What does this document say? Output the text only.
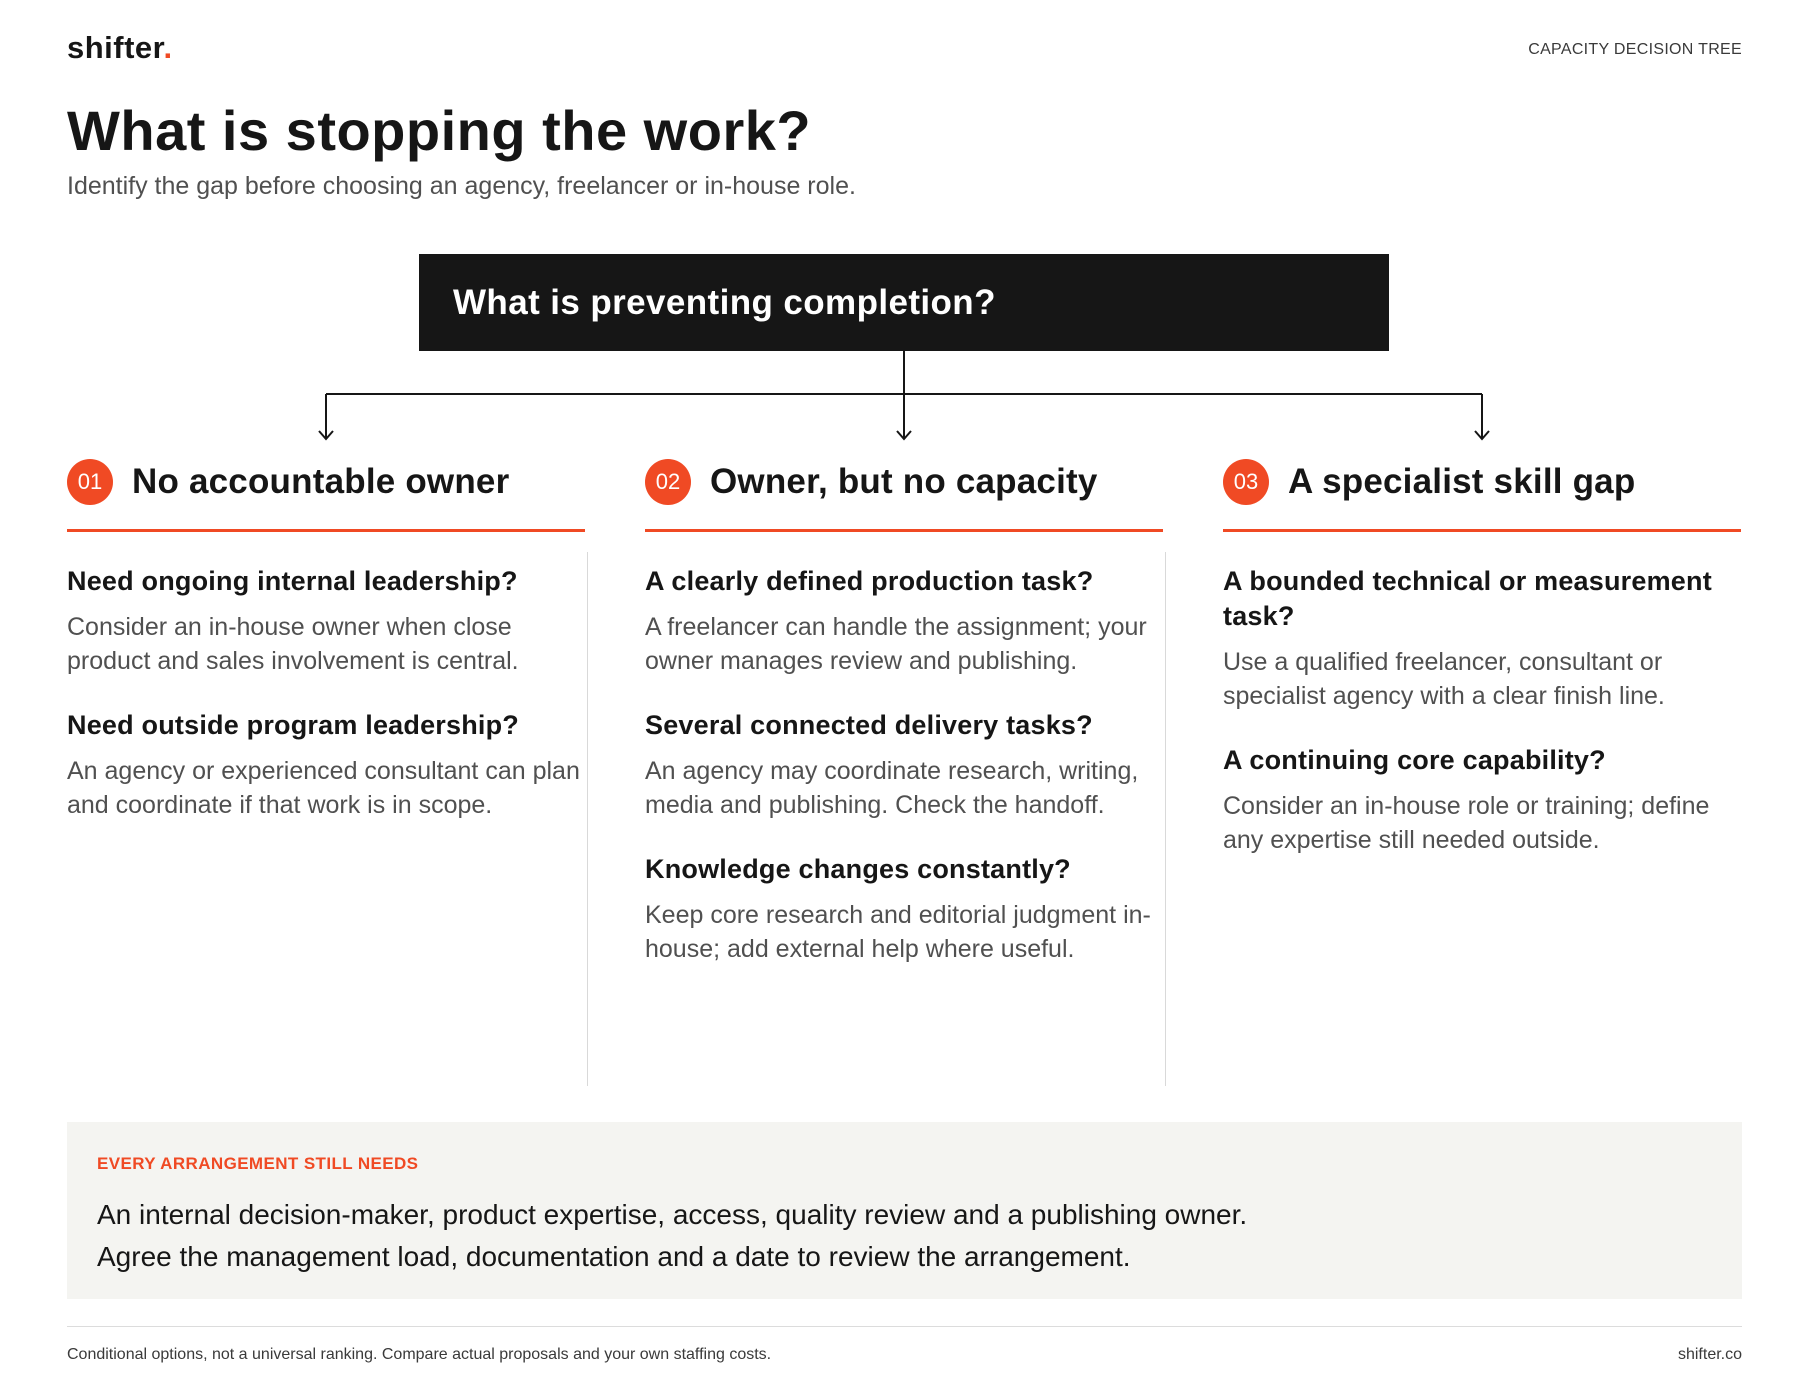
shifter.	CAPACITY DECISION TREE
What is stopping the work?
Identify the gap before choosing an agency, freelancer or in-house role.
What is preventing completion?
01 No accountable owner
Need ongoing internal leadership?
Consider an in-house owner when close product and sales involvement is central.
Need outside program leadership?
An agency or experienced consultant can plan and coordinate if that work is in scope.
02 Owner, but no capacity
A clearly defined production task?
A freelancer can handle the assignment; your owner manages review and publishing.
Several connected delivery tasks?
An agency may coordinate research, writing, media and publishing. Check the handoff.
Knowledge changes constantly?
Keep core research and editorial judgment in-house; add external help where useful.
03 A specialist skill gap
A bounded technical or measurement task?
Use a qualified freelancer, consultant or specialist agency with a clear finish line.
A continuing core capability?
Consider an in-house role or training; define any expertise still needed outside.
EVERY ARRANGEMENT STILL NEEDS
An internal decision-maker, product expertise, access, quality review and a publishing owner.
Agree the management load, documentation and a date to review the arrangement.
Conditional options, not a universal ranking. Compare actual proposals and your own staffing costs.	shifter.co
